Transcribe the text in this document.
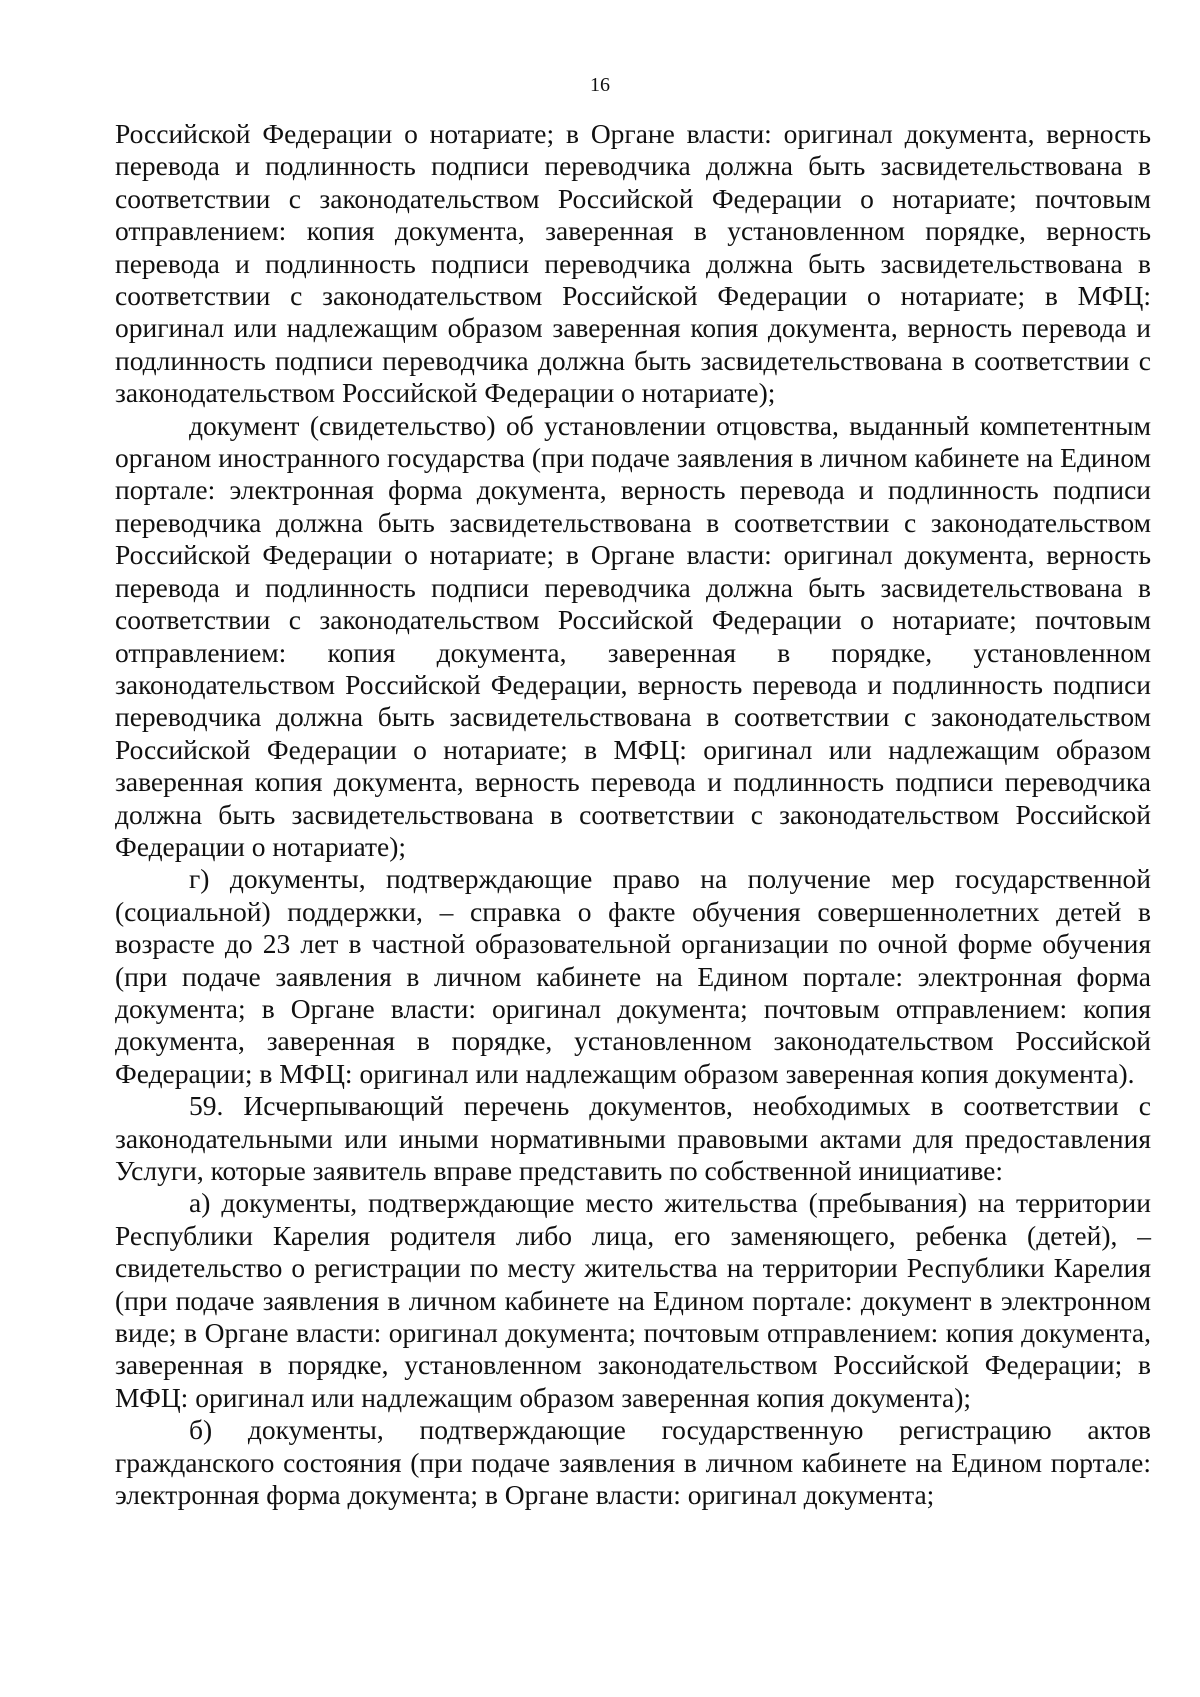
16

Российской Федерации о нотариате; в Органе власти: оригинал документа, верность перевода и подлинность подписи переводчика должна быть засвидетельствована в соответствии с законодательством Российской Федерации о нотариате; почтовым отправлением: копия документа, заверенная в установленном порядке, верность перевода и подлинность подписи переводчика должна быть засвидетельствована в соответствии с законодательством Российской Федерации о нотариате; в МФЦ: оригинал или надлежащим образом заверенная копия документа, верность перевода и подлинность подписи переводчика должна быть засвидетельствована в соответствии с законодательством Российской Федерации о нотариате);

документ (свидетельство) об установлении отцовства, выданный компетентным органом иностранного государства (при подаче заявления в личном кабинете на Едином портале: электронная форма документа, верность перевода и подлинность подписи переводчика должна быть засвидетельствована в соответствии с законодательством Российской Федерации о нотариате; в Органе власти: оригинал документа, верность перевода и подлинность подписи переводчика должна быть засвидетельствована в соответствии с законодательством Российской Федерации о нотариате; почтовым отправлением: копия документа, заверенная в порядке, установленном законодательством Российской Федерации, верность перевода и подлинность подписи переводчика должна быть засвидетельствована в соответствии с законодательством Российской Федерации о нотариате; в МФЦ: оригинал или надлежащим образом заверенная копия документа, верность перевода и подлинность подписи переводчика должна быть засвидетельствована в соответствии с законодательством Российской Федерации о нотариате);

г) документы, подтверждающие право на получение мер государственной (социальной) поддержки, – справка о факте обучения совершеннолетних детей в возрасте до 23 лет в частной образовательной организации по очной форме обучения (при подаче заявления в личном кабинете на Едином портале: электронная форма документа; в Органе власти: оригинал документа; почтовым отправлением: копия документа, заверенная в порядке, установленном законодательством Российской Федерации; в МФЦ: оригинал или надлежащим образом заверенная копия документа).

59. Исчерпывающий перечень документов, необходимых в соответствии с законодательными или иными нормативными правовыми актами для предоставления Услуги, которые заявитель вправе представить по собственной инициативе:

а) документы, подтверждающие место жительства (пребывания) на территории Республики Карелия родителя либо лица, его заменяющего, ребенка (детей), – свидетельство о регистрации по месту жительства на территории Республики Карелия (при подаче заявления в личном кабинете на Едином портале: документ в электронном виде; в Органе власти: оригинал документа; почтовым отправлением: копия документа, заверенная в порядке, установленном законодательством Российской Федерации; в МФЦ: оригинал или надлежащим образом заверенная копия документа);

б) документы, подтверждающие государственную регистрацию актов гражданского состояния (при подаче заявления в личном кабинете на Едином портале: электронная форма документа; в Органе власти: оригинал документа;
